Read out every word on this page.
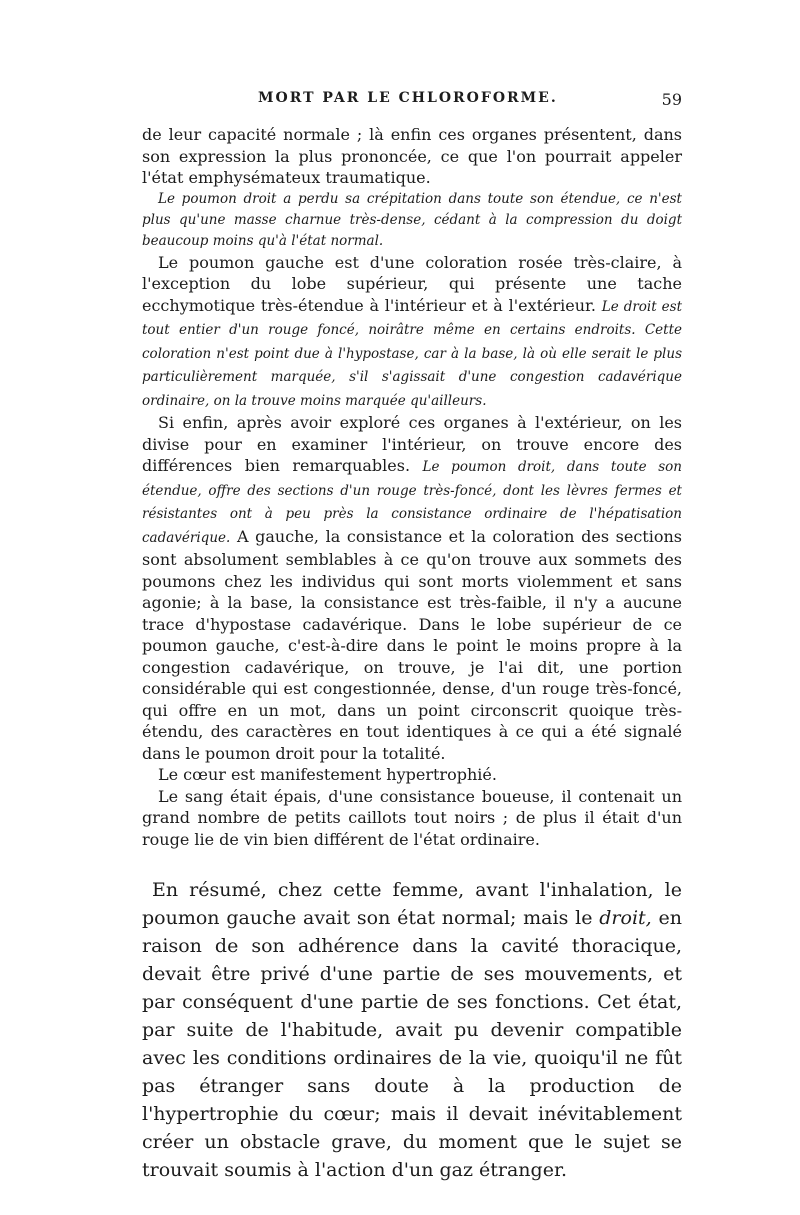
MORT PAR LE CHLOROFORME.	59

de leur capacité normale ; là enfin ces organes présentent, dans son expression la plus prononcée, ce que l'on pourrait appeler l'état emphysémateux traumatique.

Le poumon droit a perdu sa crépitation dans toute son étendue, ce n'est plus qu'une masse charnue très-dense, cédant à la compression du doigt beaucoup moins qu'à l'état normal.

Le poumon gauche est d'une coloration rosée très-claire, à l'exception du lobe supérieur, qui présente une tache ecchymotique très-étendue à l'intérieur et à l'extérieur. Le droit est tout entier d'un rouge foncé, noirâtre même en certains endroits. Cette coloration n'est point due à l'hypostase, car à la base, là où elle serait le plus particulièrement marquée, s'il s'agissait d'une congestion cadavérique ordinaire, on la trouve moins marquée qu'ailleurs.

Si enfin, après avoir exploré ces organes à l'extérieur, on les divise pour en examiner l'intérieur, on trouve encore des différences bien remarquables. Le poumon droit, dans toute son étendue, offre des sections d'un rouge très-foncé, dont les lèvres fermes et résistantes ont à peu près la consistance ordinaire de l'hépatisation cadavérique. A gauche, la consistance et la coloration des sections sont absolument semblables à ce qu'on trouve aux sommets des poumons chez les individus qui sont morts violemment et sans agonie; à la base, la consistance est très-faible, il n'y a aucune trace d'hypostase cadavérique. Dans le lobe supérieur de ce poumon gauche, c'est-à-dire dans le point le moins propre à la congestion cadavérique, on trouve, je l'ai dit, une portion considérable qui est congestionnée, dense, d'un rouge très-foncé, qui offre en un mot, dans un point circonscrit quoique très-étendu, des caractères en tout identiques à ce qui a été signalé dans le poumon droit pour la totalité.

Le cœur est manifestement hypertrophié.

Le sang était épais, d'une consistance boueuse, il contenait un grand nombre de petits caillots tout noirs ; de plus il était d'un rouge lie de vin bien différent de l'état ordinaire.

En résumé, chez cette femme, avant l'inhalation, le poumon gauche avait son état normal; mais le droit, en raison de son adhérence dans la cavité thoracique, devait être privé d'une partie de ses mouvements, et par conséquent d'une partie de ses fonctions. Cet état, par suite de l'habitude, avait pu devenir compatible avec les conditions ordinaires de la vie, quoiqu'il ne fût pas étranger sans doute à la production de l'hypertrophie du cœur; mais il devait inévitablement créer un obstacle grave, du moment que le sujet se trouvait soumis à l'action d'un gaz étranger.
